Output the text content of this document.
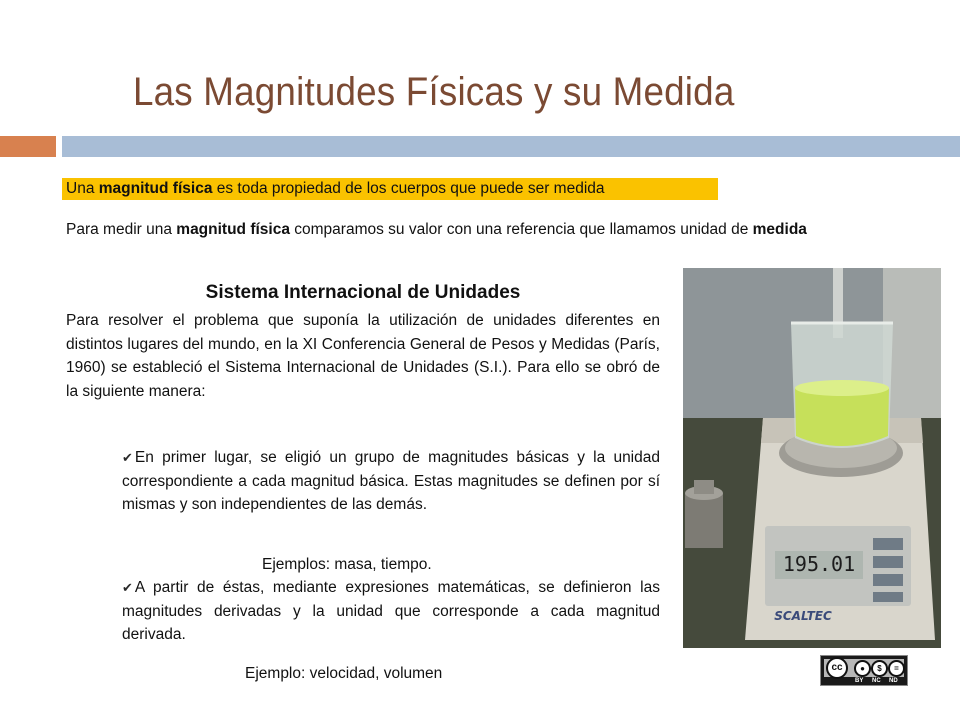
Las Magnitudes Físicas y su Medida
Una magnitud física es toda propiedad de los cuerpos que puede ser medida
Para medir una magnitud física comparamos su valor con una referencia que llamamos unidad de medida
Sistema Internacional de Unidades

Para resolver el problema que suponía la utilización de unidades diferentes en distintos lugares del mundo, en la XI Conferencia General de Pesos y Medidas (París, 1960) se estableció el Sistema Internacional de Unidades (S.I.). Para ello se obró de la siguiente manera:

✔ En primer lugar, se eligió un grupo de magnitudes básicas y la unidad correspondiente a cada magnitud básica. Estas magnitudes se definen por sí mismas y son independientes de las demás.

Ejemplos: masa, tiempo.

✔ A partir de éstas, mediante expresiones matemáticas, se definieron las magnitudes derivadas y la unidad que corresponde a cada magnitud derivada.

Ejemplo: velocidad, volumen
195.01
SCALTEC
cc	●	$	=
BY NC ND
